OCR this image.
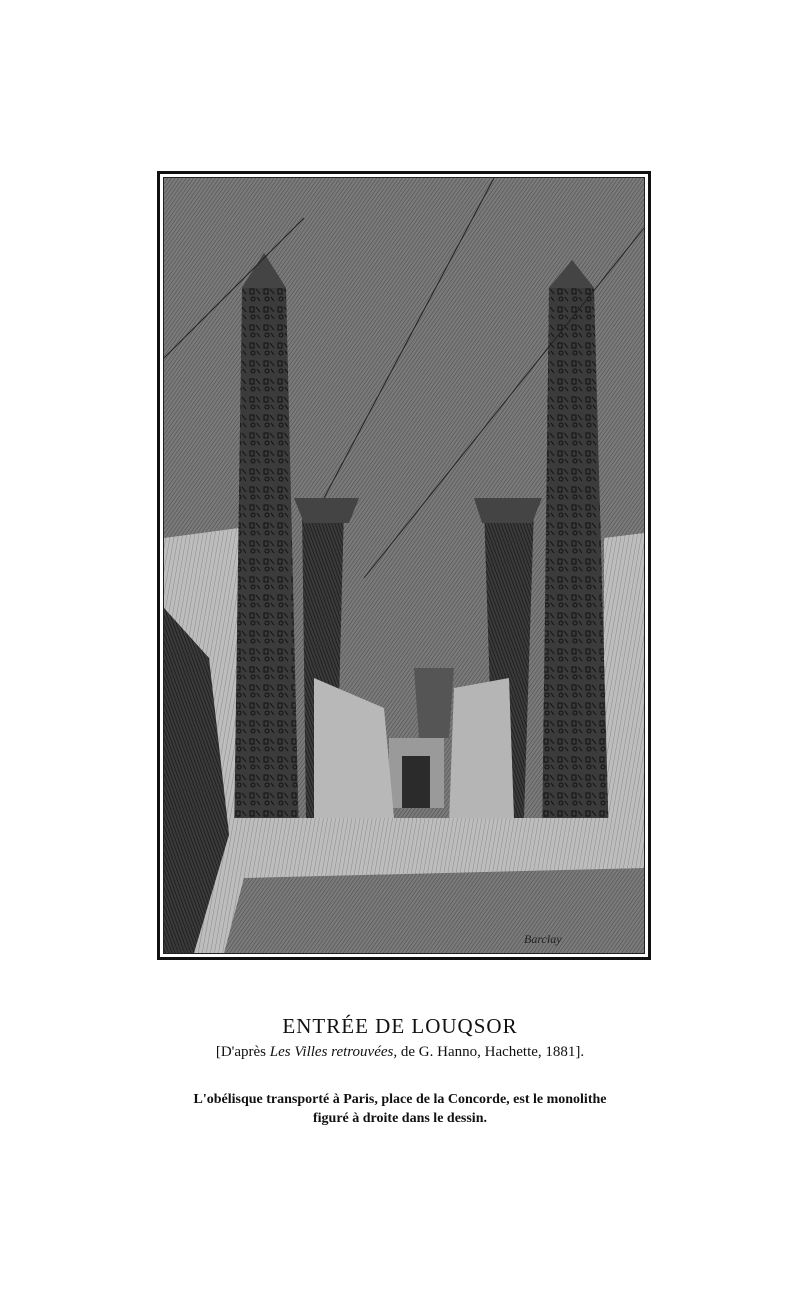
Barclay
ENTRÉE DE LOUQSOR
[D'après Les Villes retrouvées, de G. Hanno, Hachette, 1881].
L'obélisque transporté à Paris, place de la Concorde, est le monolithe
figuré à droite dans le dessin.
